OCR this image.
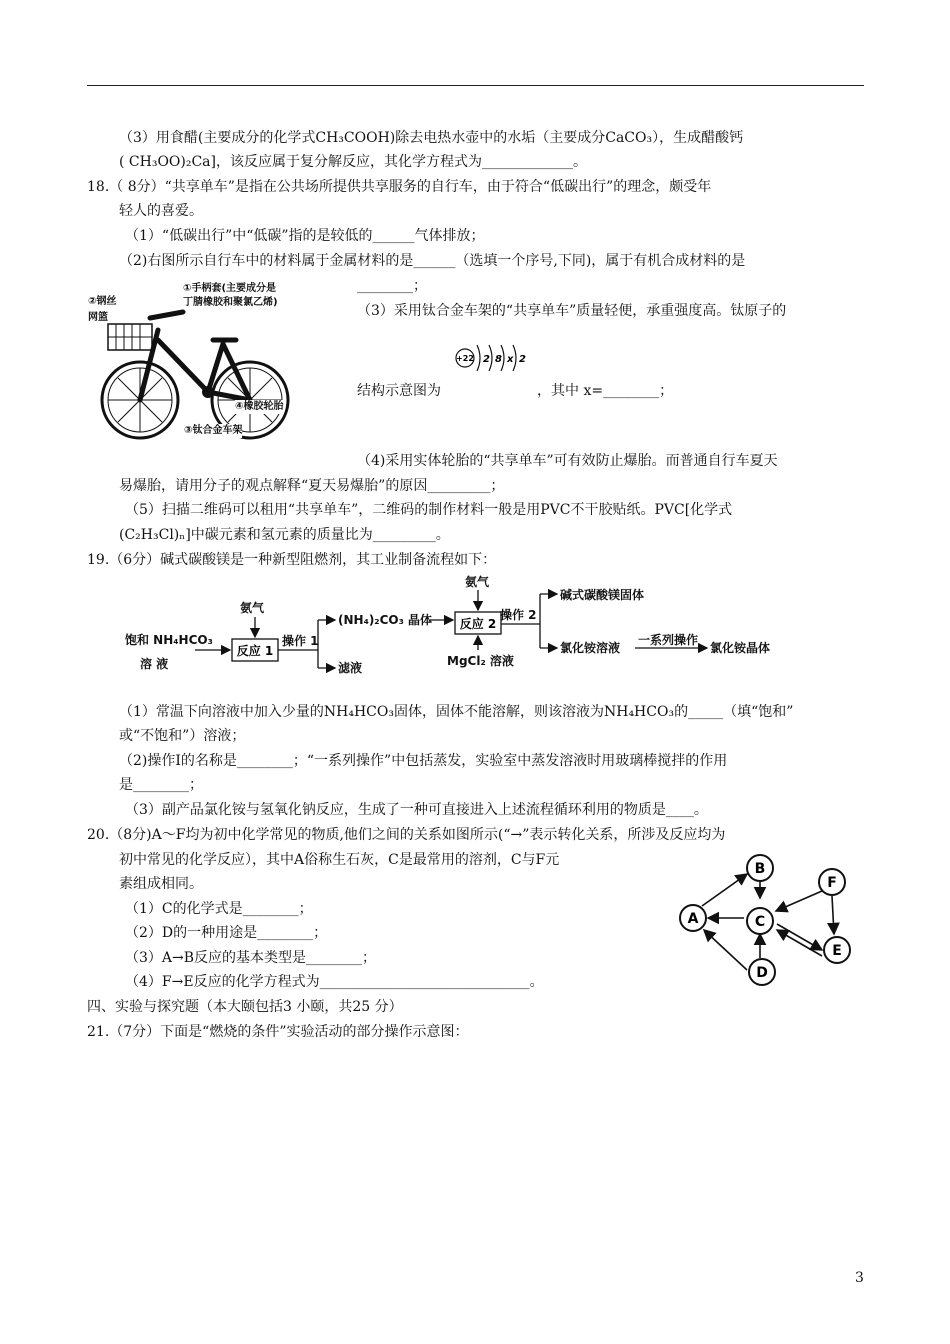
（3）用食醋(主要成分的化学式CH₃COOH)除去电热水壶中的水垢（主要成分CaCO₃），生成醋酸钙
( CH₃OO)₂Ca]，该反应属于复分解反应，其化学方程式为_____________。
18.（ 8分）“共享单车”是指在公共场所提供共享服务的自行车，由于符合“低碳出行”的理念，颇受年
轻人的喜爱。
（1）“低碳出行”中“低碳”指的是较低的______气体排放；
（2)右图所示自行车中的材料属于金属材料的是______（选填一个序号,下同)，属于有机合成材料的是
________；
①手柄套(主要成分是
丁腈橡胶和聚氯乙烯)
②钢丝
网篮
④橡胶轮胎
③钛合金车架
（3）采用钛合金车架的“共享单车”质量轻便，承重强度高。钛原子的
+22 2 8 x 2
结构示意图为	，其中 x=________；
（4)采用实体轮胎的“共享单车”可有效防止爆胎。而普通自行车夏天
易爆胎，请用分子的观点解释“夏天易爆胎”的原因_________；
（5）扫描二维码可以租用“共享单车”，二维码的制作材料一般是用PVC不干胶贴纸。PVC[化学式
(C₂H₃Cl)ₙ]中碳元素和氢元素的质量比为_________。
19.（6分）碱式碳酸镁是一种新型阻燃剂，其工业制备流程如下：
饱和 NH₄HCO₃
溶 液
氨气
操作 1
(NH₄)₂CO₃ 晶体
滤液
氨气
MgCl₂ 溶液
操作 2
碱式碳酸镁固体
氯化铵溶液
一系列操作
氯化铵晶体
反应 1
反应 2
（1）常温下向溶液中加入少量的NH₄HCO₃固体，固体不能溶解，则该溶液为NH₄HCO₃的_____（填“饱和”
或“不饱和”）溶液；
（2)操作I的名称是________；“一系列操作”中包括蒸发，实验室中蒸发溶液时用玻璃棒搅拌的作用
是________；
（3）副产品氯化铵与氢氧化钠反应，生成了一种可直接进入上述流程循环利用的物质是____。
20.（8分)A～F均为初中化学常见的物质,他们之间的关系如图所示(“→”表示转化关系，所涉及反应均为
初中常见的化学反应），其中A俗称生石灰，C是最常用的溶剂，C与F元
素组成相同。
（1）C的化学式是________；
（2）D的一种用途是________；
（3）A→B反应的基本类型是________；
（4）F→E反应的化学方程式为______________________________。
A
B
C
D
E
F
四、实验与探究题（本大颐包括3 小颐，共25 分）
21.（7分）下面是“燃烧的条件”实验活动的部分操作示意图：
3
